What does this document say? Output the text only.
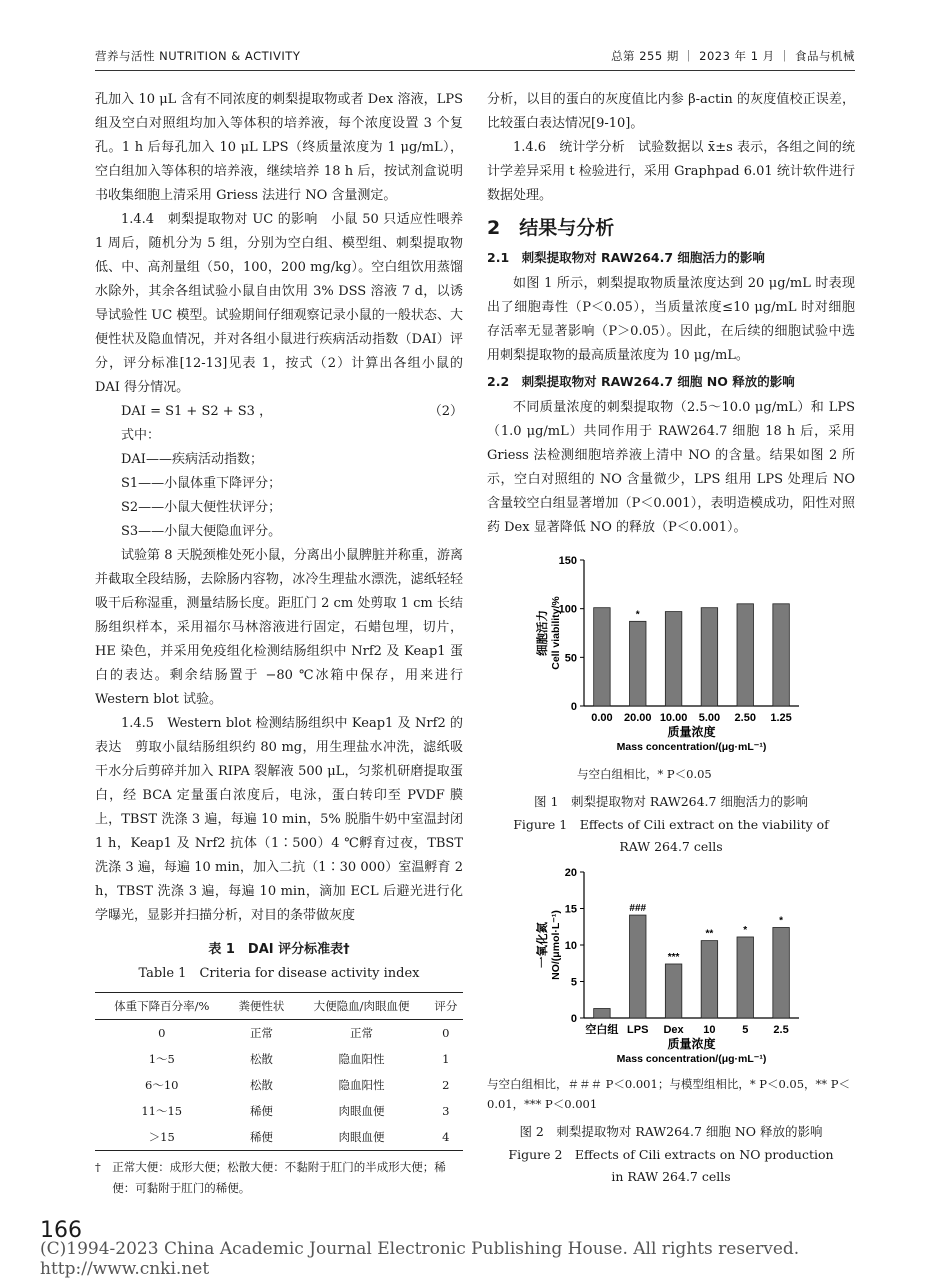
营养与活性 NUTRITION & ACTIVITY	总第 255 期 ｜ 2023 年 1 月 ｜ 食品与机械

孔加入 10 μL 含有不同浓度的刺梨提取物或者 Dex 溶液，LPS 组及空白对照组均加入等体积的培养液，每个浓度设置 3 个复孔。1 h 后每孔加入 10 μL LPS（终质量浓度为 1 μg/mL），空白组加入等体积的培养液，继续培养 18 h 后，按试剂盒说明书收集细胞上清采用 Griess 法进行 NO 含量测定。

1.4.4　刺梨提取物对 UC 的影响　小鼠 50 只适应性喂养 1 周后，随机分为 5 组，分别为空白组、模型组、刺梨提取物低、中、高剂量组（50，100，200 mg/kg）。空白组饮用蒸馏水除外，其余各组试验小鼠自由饮用 3% DSS 溶液 7 d，以诱导试验性 UC 模型。试验期间仔细观察记录小鼠的一般状态、大便性状及隐血情况，并对各组小鼠进行疾病活动指数（DAI）评分，评分标准[12-13]见表 1，按式（2）计算出各组小鼠的 DAI 得分情况。

DAI = S1 + S2 + S3 ，	（2）

式中：

DAI——疾病活动指数；

S1——小鼠体重下降评分；

S2——小鼠大便性状评分；

S3——小鼠大便隐血评分。

试验第 8 天脱颈椎处死小鼠，分离出小鼠脾脏并称重，游离并截取全段结肠，去除肠内容物，冰冷生理盐水漂洗，滤纸轻轻吸干后称湿重，测量结肠长度。距肛门 2 cm 处剪取 1 cm 长结肠组织样本，采用福尔马林溶液进行固定，石蜡包埋，切片，HE 染色，并采用免疫组化检测结肠组织中 Nrf2 及 Keap1 蛋白的表达。剩余结肠置于 −80 ℃冰箱中保存，用来进行 Western blot 试验。

1.4.5　Western blot 检测结肠组织中 Keap1 及 Nrf2 的表达　剪取小鼠结肠组织约 80 mg，用生理盐水冲洗，滤纸吸干水分后剪碎并加入 RIPA 裂解液 500 μL，匀浆机研磨提取蛋白，经 BCA 定量蛋白浓度后，电泳，蛋白转印至 PVDF 膜上，TBST 洗涤 3 遍，每遍 10 min，5% 脱脂牛奶中室温封闭 1 h，Keap1 及 Nrf2 抗体（1∶500）4 ℃孵育过夜，TBST 洗涤 3 遍，每遍 10 min，加入二抗（1∶30 000）室温孵育 2 h，TBST 洗涤 3 遍，每遍 10 min，滴加 ECL 后避光进行化学曝光，显影并扫描分析，对目的条带做灰度

表 1　DAI 评分标准表†

Table 1　Criteria for disease activity index

体重下降百分率/%	粪便性状	大便隐血/肉眼血便	评分
0	正常	正常	0
1～5	松散	隐血阳性	1
6～10	松散	隐血阳性	2
11～15	稀便	肉眼血便	3
＞15	稀便	肉眼血便	4

†　正常大便：成形大便；松散大便：不黏附于肛门的半成形大便；稀便：可黏附于肛门的稀便。

分析，以目的蛋白的灰度值比内参 β-actin 的灰度值校正误差，比较蛋白表达情况[9-10]。

1.4.6　统计学分析　试验数据以 x̄±s 表示，各组之间的统计学差异采用 t 检验进行，采用 Graphpad 6.01 统计软件进行数据处理。

2　结果与分析

2.1　刺梨提取物对 RAW264.7 细胞活力的影响

如图 1 所示，刺梨提取物质量浓度达到 20 μg/mL 时表现出了细胞毒性（P＜0.05），当质量浓度≤10 μg/mL 时对细胞存活率无显著影响（P＞0.05）。因此，在后续的细胞试验中选用刺梨提取物的最高质量浓度为 10 μg/mL。

2.2　刺梨提取物对 RAW264.7 细胞 NO 释放的影响

不同质量浓度的刺梨提取物（2.5～10.0 μg/mL）和 LPS（1.0 μg/mL）共同作用于 RAW264.7 细胞 18 h 后，采用 Griess 法检测细胞培养液上清中 NO 的含量。结果如图 2 所示，空白对照组的 NO 含量微少，LPS 组用 LPS 处理后 NO 含量较空白组显著增加（P＜0.001），表明造模成功，阳性对照药 Dex 显著降低 NO 的释放（P＜0.001）。

0
50
100
150
0.00
*
20.00 10.00 5.00 2.50 1.25
质量浓度
Mass concentration/(μg·mL⁻¹)
细胞活力 Cell viability/%

与空白组相比，* P＜0.05

图 1　刺梨提取物对 RAW264.7 细胞活力的影响

Figure 1　Effects of Cili extract on the viability of RAW 264.7 cells

0
5
10
15
20
空白组
###
LPS
***
Dex
**
10
*
5
*
2.5
质量浓度
Mass concentration/(μg·mL⁻¹)
一氧化氮 NO/(μmol·L⁻¹)

与空白组相比，＃＃＃ P＜0.001；与模型组相比，* P＜0.05，** P＜0.01，*** P＜0.001

图 2　刺梨提取物对 RAW264.7 细胞 NO 释放的影响

Figure 2　Effects of Cili extracts on NO production in RAW 264.7 cells

166
(C)1994-2023 China Academic Journal Electronic Publishing House. All rights reserved.　http://www.cnki.net
